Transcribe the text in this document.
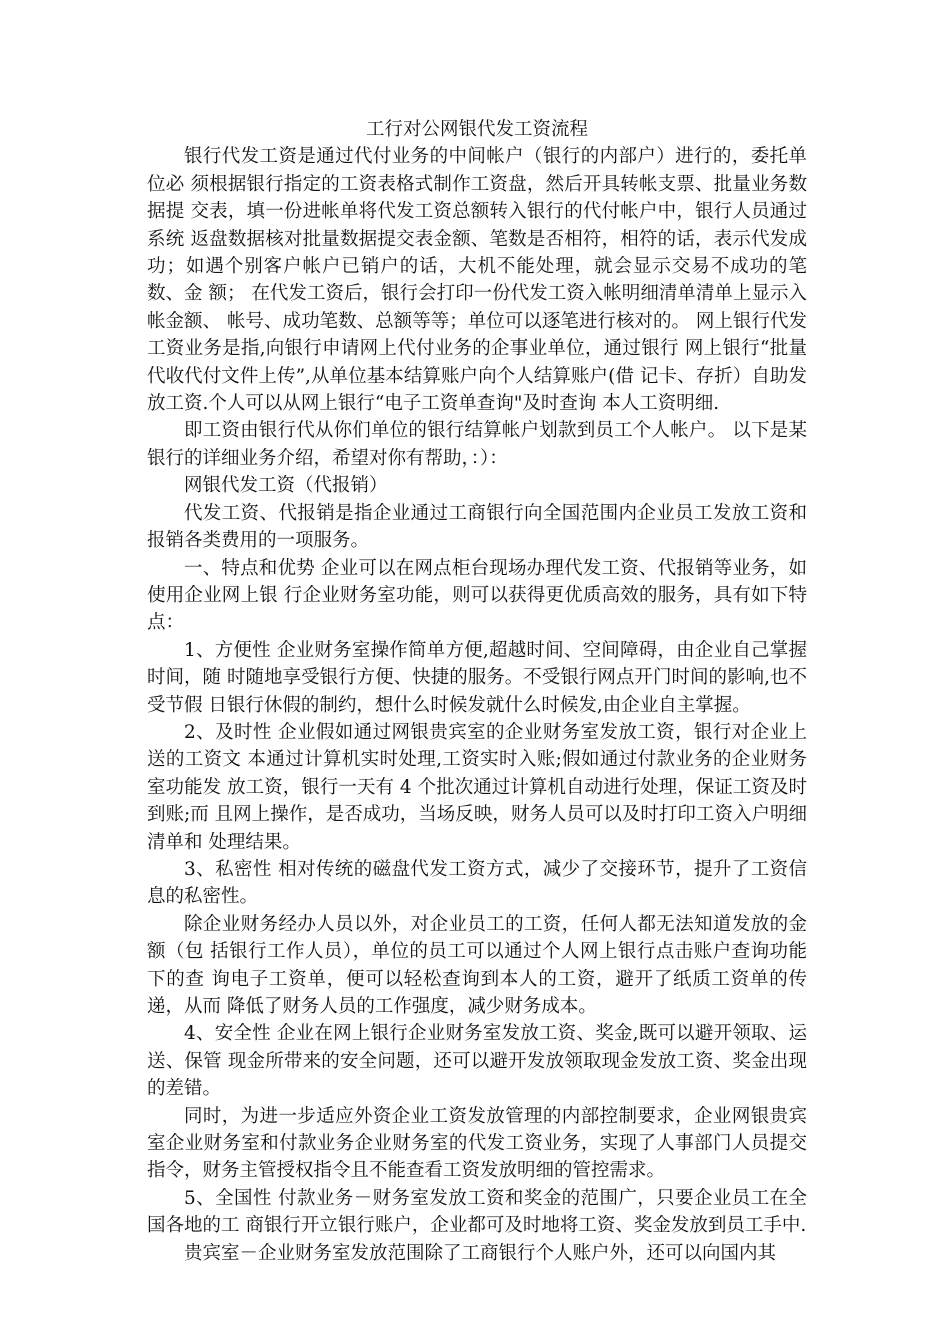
工行对公网银代发工资流程

银行代发工资是通过代付业务的中间帐户（银行的内部户）进行的，委托单位必 须根据银行指定的工资表格式制作工资盘，然后开具转帐支票、批量业务数据提 交表，填一份进帐单将代发工资总额转入银行的代付帐户中，银行人员通过系统 返盘数据核对批量数据提交表金额、笔数是否相符，相符的话，表示代发成功；如遇个别客户帐户已销户的话，大机不能处理，就会显示交易不成功的笔数、金 额； 在代发工资后，银行会打印一份代发工资入帐明细清单清单上显示入帐金额、 帐号、成功笔数、总额等等；单位可以逐笔进行核对的。 网上银行代发工资业务是指,向银行申请网上代付业务的企事业单位，通过银行 网上银行“批量代收代付文件上传”,从单位基本结算账户向个人结算账户(借 记卡、存折）自助发放工资.个人可以从网上银行“电子工资单查询"及时查询 本人工资明细.

即工资由银行代从你们单位的银行结算帐户划款到员工个人帐户。 以下是某银行的详细业务介绍，希望对你有帮助，：）：

网银代发工资（代报销）

代发工资、代报销是指企业通过工商银行向全国范围内企业员工发放工资和 报销各类费用的一项服务。

一、特点和优势 企业可以在网点柜台现场办理代发工资、代报销等业务，如使用企业网上银 行企业财务室功能，则可以获得更优质高效的服务，具有如下特点：

1、方便性 企业财务室操作简单方便,超越时间、空间障碍，由企业自己掌握时间，随 时随地享受银行方便、快捷的服务。不受银行网点开门时间的影响,也不受节假 日银行休假的制约，想什么时候发就什么时候发,由企业自主掌握。

2、及时性 企业假如通过网银贵宾室的企业财务室发放工资，银行对企业上送的工资文 本通过计算机实时处理,工资实时入账;假如通过付款业务的企业财务室功能发 放工资，银行一天有 4 个批次通过计算机自动进行处理，保证工资及时到账;而 且网上操作，是否成功，当场反映，财务人员可以及时打印工资入户明细清单和 处理结果。

3、私密性 相对传统的磁盘代发工资方式，减少了交接环节，提升了工资信息的私密性。

除企业财务经办人员以外，对企业员工的工资，任何人都无法知道发放的金额（包 括银行工作人员），单位的员工可以通过个人网上银行点击账户查询功能下的查 询电子工资单，便可以轻松查询到本人的工资，避开了纸质工资单的传递，从而 降低了财务人员的工作强度，减少财务成本。

4、安全性 企业在网上银行企业财务室发放工资、奖金,既可以避开领取、运送、保管 现金所带来的安全问题，还可以避开发放领取现金发放工资、奖金出现的差错。

同时，为进一步适应外资企业工资发放管理的内部控制要求，企业网银贵宾 室企业财务室和付款业务企业财务室的代发工资业务，实现了人事部门人员提交 指令，财务主管授权指令且不能查看工资发放明细的管控需求。

5、全国性 付款业务－财务室发放工资和奖金的范围广，只要企业员工在全国各地的工 商银行开立银行账户，企业都可及时地将工资、奖金发放到员工手中.

贵宾室－企业财务室发放范围除了工商银行个人账户外，还可以向国内其
